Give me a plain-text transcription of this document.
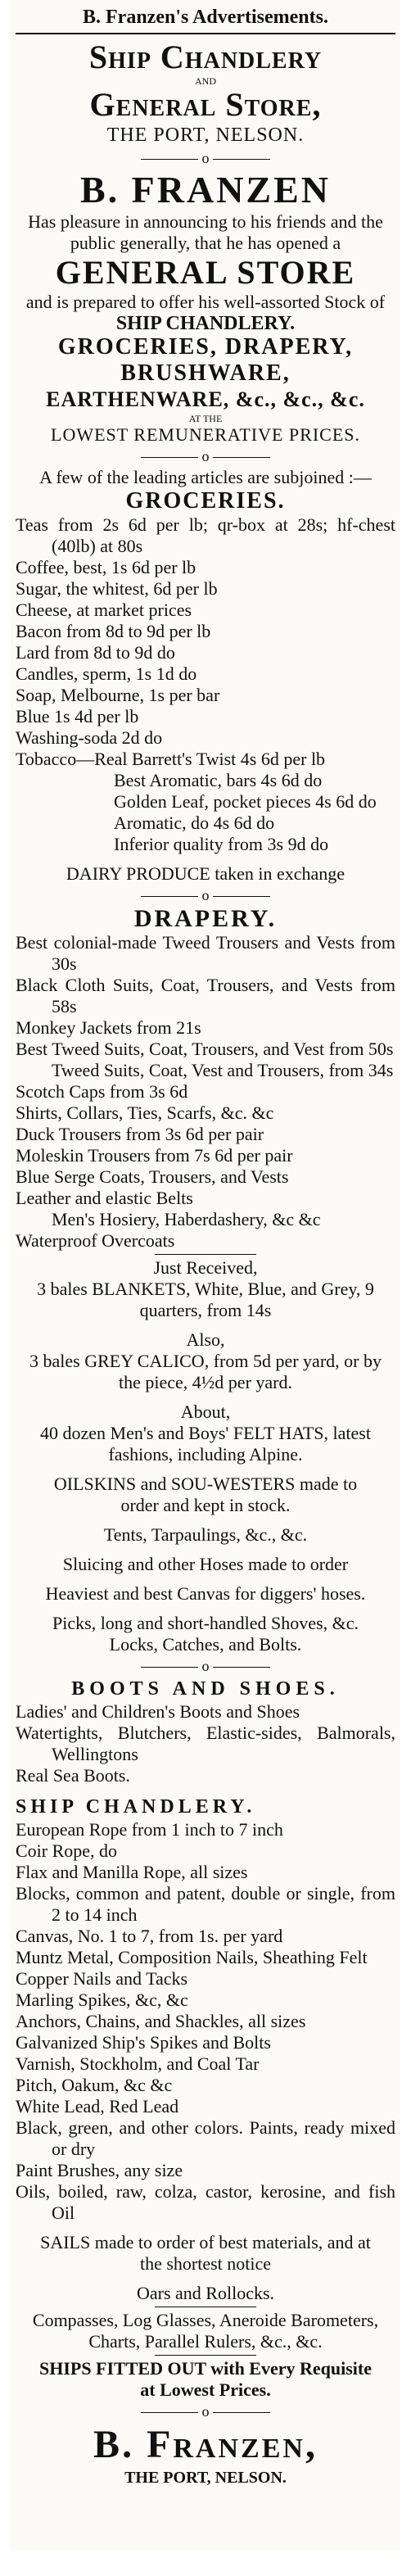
B. Franzen's Advertisements.
Ship Chandlery
AND
General Store,
THE PORT, NELSON.
o
B. FRANZEN
Has pleasure in announcing to his friends and the public generally, that he has opened a
GENERAL STORE
and is prepared to offer his well-assorted Stock of
SHIP CHANDLERY.
GROCERIES, DRAPERY,
BRUSHWARE,
EARTHENWARE, &c., &c., &c.
AT THE
LOWEST REMUNERATIVE PRICES.
o
A few of the leading articles are subjoined :—
GROCERIES.
Teas from 2s 6d per lb; qr-box at 28s; hf-chest (40lb) at 80s
Coffee, best, 1s 6d per lb
Sugar, the whitest, 6d per lb
Cheese, at market prices
Bacon from 8d to 9d per lb
Lard from 8d to 9d do
Candles, sperm, 1s 1d do
Soap, Melbourne, 1s per bar
Blue 1s 4d per lb
Washing-soda 2d do
Tobacco—Real Barrett's Twist 4s 6d per lb
Best Aromatic, bars 4s 6d do
Golden Leaf, pocket pieces 4s 6d do
Aromatic, do 4s 6d do
Inferior quality from 3s 9d do
DAIRY PRODUCE taken in exchange
o
DRAPERY.
Best colonial-made Tweed Trousers and Vests from 30s
Black Cloth Suits, Coat, Trousers, and Vests from 58s
Monkey Jackets from 21s
Best Tweed Suits, Coat, Trousers, and Vest from 50s
Tweed Suits, Coat, Vest and Trousers, from 34s
Scotch Caps from 3s 6d
Shirts, Collars, Ties, Scarfs, &c. &c
Duck Trousers from 3s 6d per pair
Moleskin Trousers from 7s 6d per pair
Blue Serge Coats, Trousers, and Vests
Leather and elastic Belts
Men's Hosiery, Haberdashery, &c &c
Waterproof Overcoats
Just Received,
3 bales BLANKETS, White, Blue, and Grey, 9 quarters, from 14s
Also,
3 bales GREY CALICO, from 5d per yard, or by the piece, 4½d per yard.
About,
40 dozen Men's and Boys' FELT HATS, latest fashions, including Alpine.
OILSKINS and SOU-WESTERS made to order and kept in stock.
Tents, Tarpaulings, &c., &c.
Sluicing and other Hoses made to order
Heaviest and best Canvas for diggers' hoses.
Picks, long and short-handled Shoves, &c. Locks, Catches, and Bolts.
o
BOOTS AND SHOES.
Ladies' and Children's Boots and Shoes
Watertights, Blutchers, Elastic-sides, Balmorals, Wellingtons
Real Sea Boots.
SHIP CHANDLERY.
European Rope from 1 inch to 7 inch
Coir Rope, do
Flax and Manilla Rope, all sizes
Blocks, common and patent, double or single, from 2 to 14 inch
Canvas, No. 1 to 7, from 1s. per yard
Muntz Metal, Composition Nails, Sheathing Felt
Copper Nails and Tacks
Marling Spikes, &c, &c
Anchors, Chains, and Shackles, all sizes
Galvanized Ship's Spikes and Bolts
Varnish, Stockholm, and Coal Tar
Pitch, Oakum, &c &c
White Lead, Red Lead
Black, green, and other colors. Paints, ready mixed or dry
Paint Brushes, any size
Oils, boiled, raw, colza, castor, kerosine, and fish Oil
SAILS made to order of best materials, and at the shortest notice
Oars and Rollocks.
Compasses, Log Glasses, Aneroide Barometers, Charts, Parallel Rulers, &c., &c.
SHIPS FITTED OUT with Every Requisite at Lowest Prices.
o
B. Franzen,
THE PORT, NELSON.
